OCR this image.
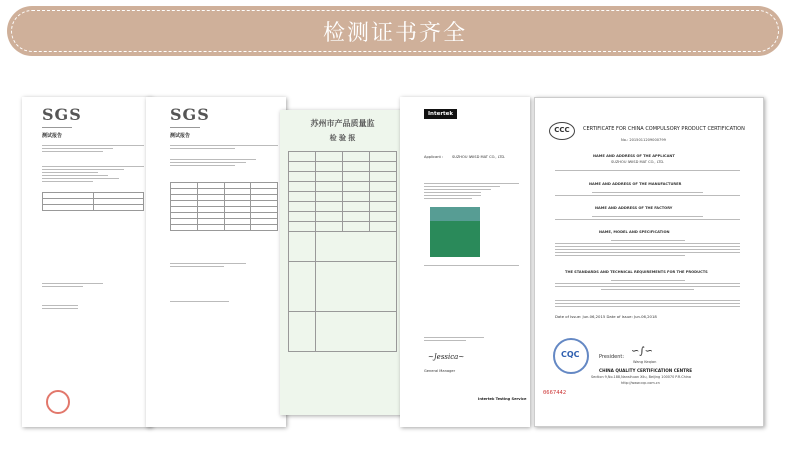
检测证书齐全
SGS
测试报告

SGS
测试报告

苏州市产品质量监
检 验 报

Intertek
Applicant : SUZHOU IWISD MAT CO., LTD.
~Jessica~
General Manager
Intertek Testing Service
CCC	CERTIFICATE FOR CHINA COMPULSORY PRODUCT CERTIFICATION
No.: 2015011209000799
NAME AND ADDRESS OF THE APPLICANT
SUZHOU IWISD MAT CO., LTD.
NAME AND ADDRESS OF THE MANUFACTURER
NAME AND ADDRESS OF THE FACTORY
NAME, MODEL AND SPECIFICATION
THE STANDARDS AND TECHNICAL REQUIREMENTS FOR THE PRODUCTS
Date of Issue: Jun.06,2015 Date of Issue: Jun.06,2018
CQC	President: ∽∫∽
Wang Keqian
CHINA QUALITY CERTIFICATION CENTRE
Section 9,No.188,Nansihuan Xilu, Beijing 100070 P.R.China
http://www.cqc.com.cn
0667442
